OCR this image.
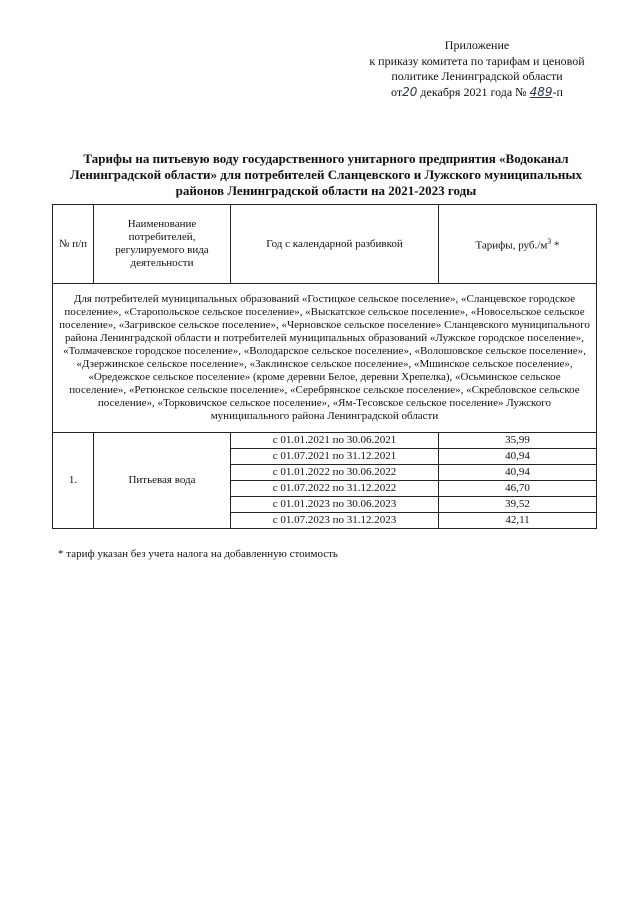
Приложение
к приказу комитета по тарифам и ценовой
политике Ленинградской области
от20 декабря 2021 года № 489-п
Тарифы на питьевую воду государственного унитарного предприятия «Водоканал Ленинградской области» для потребителей Сланцевского и Лужского муниципальных районов Ленинградской области на 2021-2023 годы
№ п/п	Наименование потребителей, регулируемого вида деятельности	Год с календарной разбивкой	Тарифы, $руб./м^3$ *
Для потребителей муниципальных образований «Гостицкое сельское поселение», «Сланцевское городское поселение», «Старопольское сельское поселение», «Выскатское сельское поселение», «Новосельское сельское поселение», «Загривское сельское поселение», «Черновское сельское поселение» Сланцевского муниципального района Ленинградской области и потребителей муниципальных образований «Лужское городское поселение», «Толмачевское городское поселение», «Володарское сельское поселение», «Волошовское сельское поселение», «Дзержинское сельское поселение», «Заклинское сельское поселение», «Мшинское сельское поселение», «Оредежское сельское поселение» (кроме деревни Белое, деревни Хрепелка), «Осьминское сельское поселение», «Ретюнское сельское поселение», «Серебрянское сельское поселение», «Скребловское сельское поселение», «Торковичское сельское поселение», «Ям-Тесовское сельское поселение» Лужского муниципального района Ленинградской области			
1.	Питьевая вода	с 01.01.2021 по 30.06.2021	35,99
		с 01.07.2021 по 31.12.2021	40,94
		с 01.01.2022 по 30.06.2022	40,94
		с 01.07.2022 по 31.12.2022	46,70
		с 01.01.2023 по 30.06.2023	39,52
		с 01.07.2023 по 31.12.2023	42,11
* тариф указан без учета налога на добавленную стоимость
